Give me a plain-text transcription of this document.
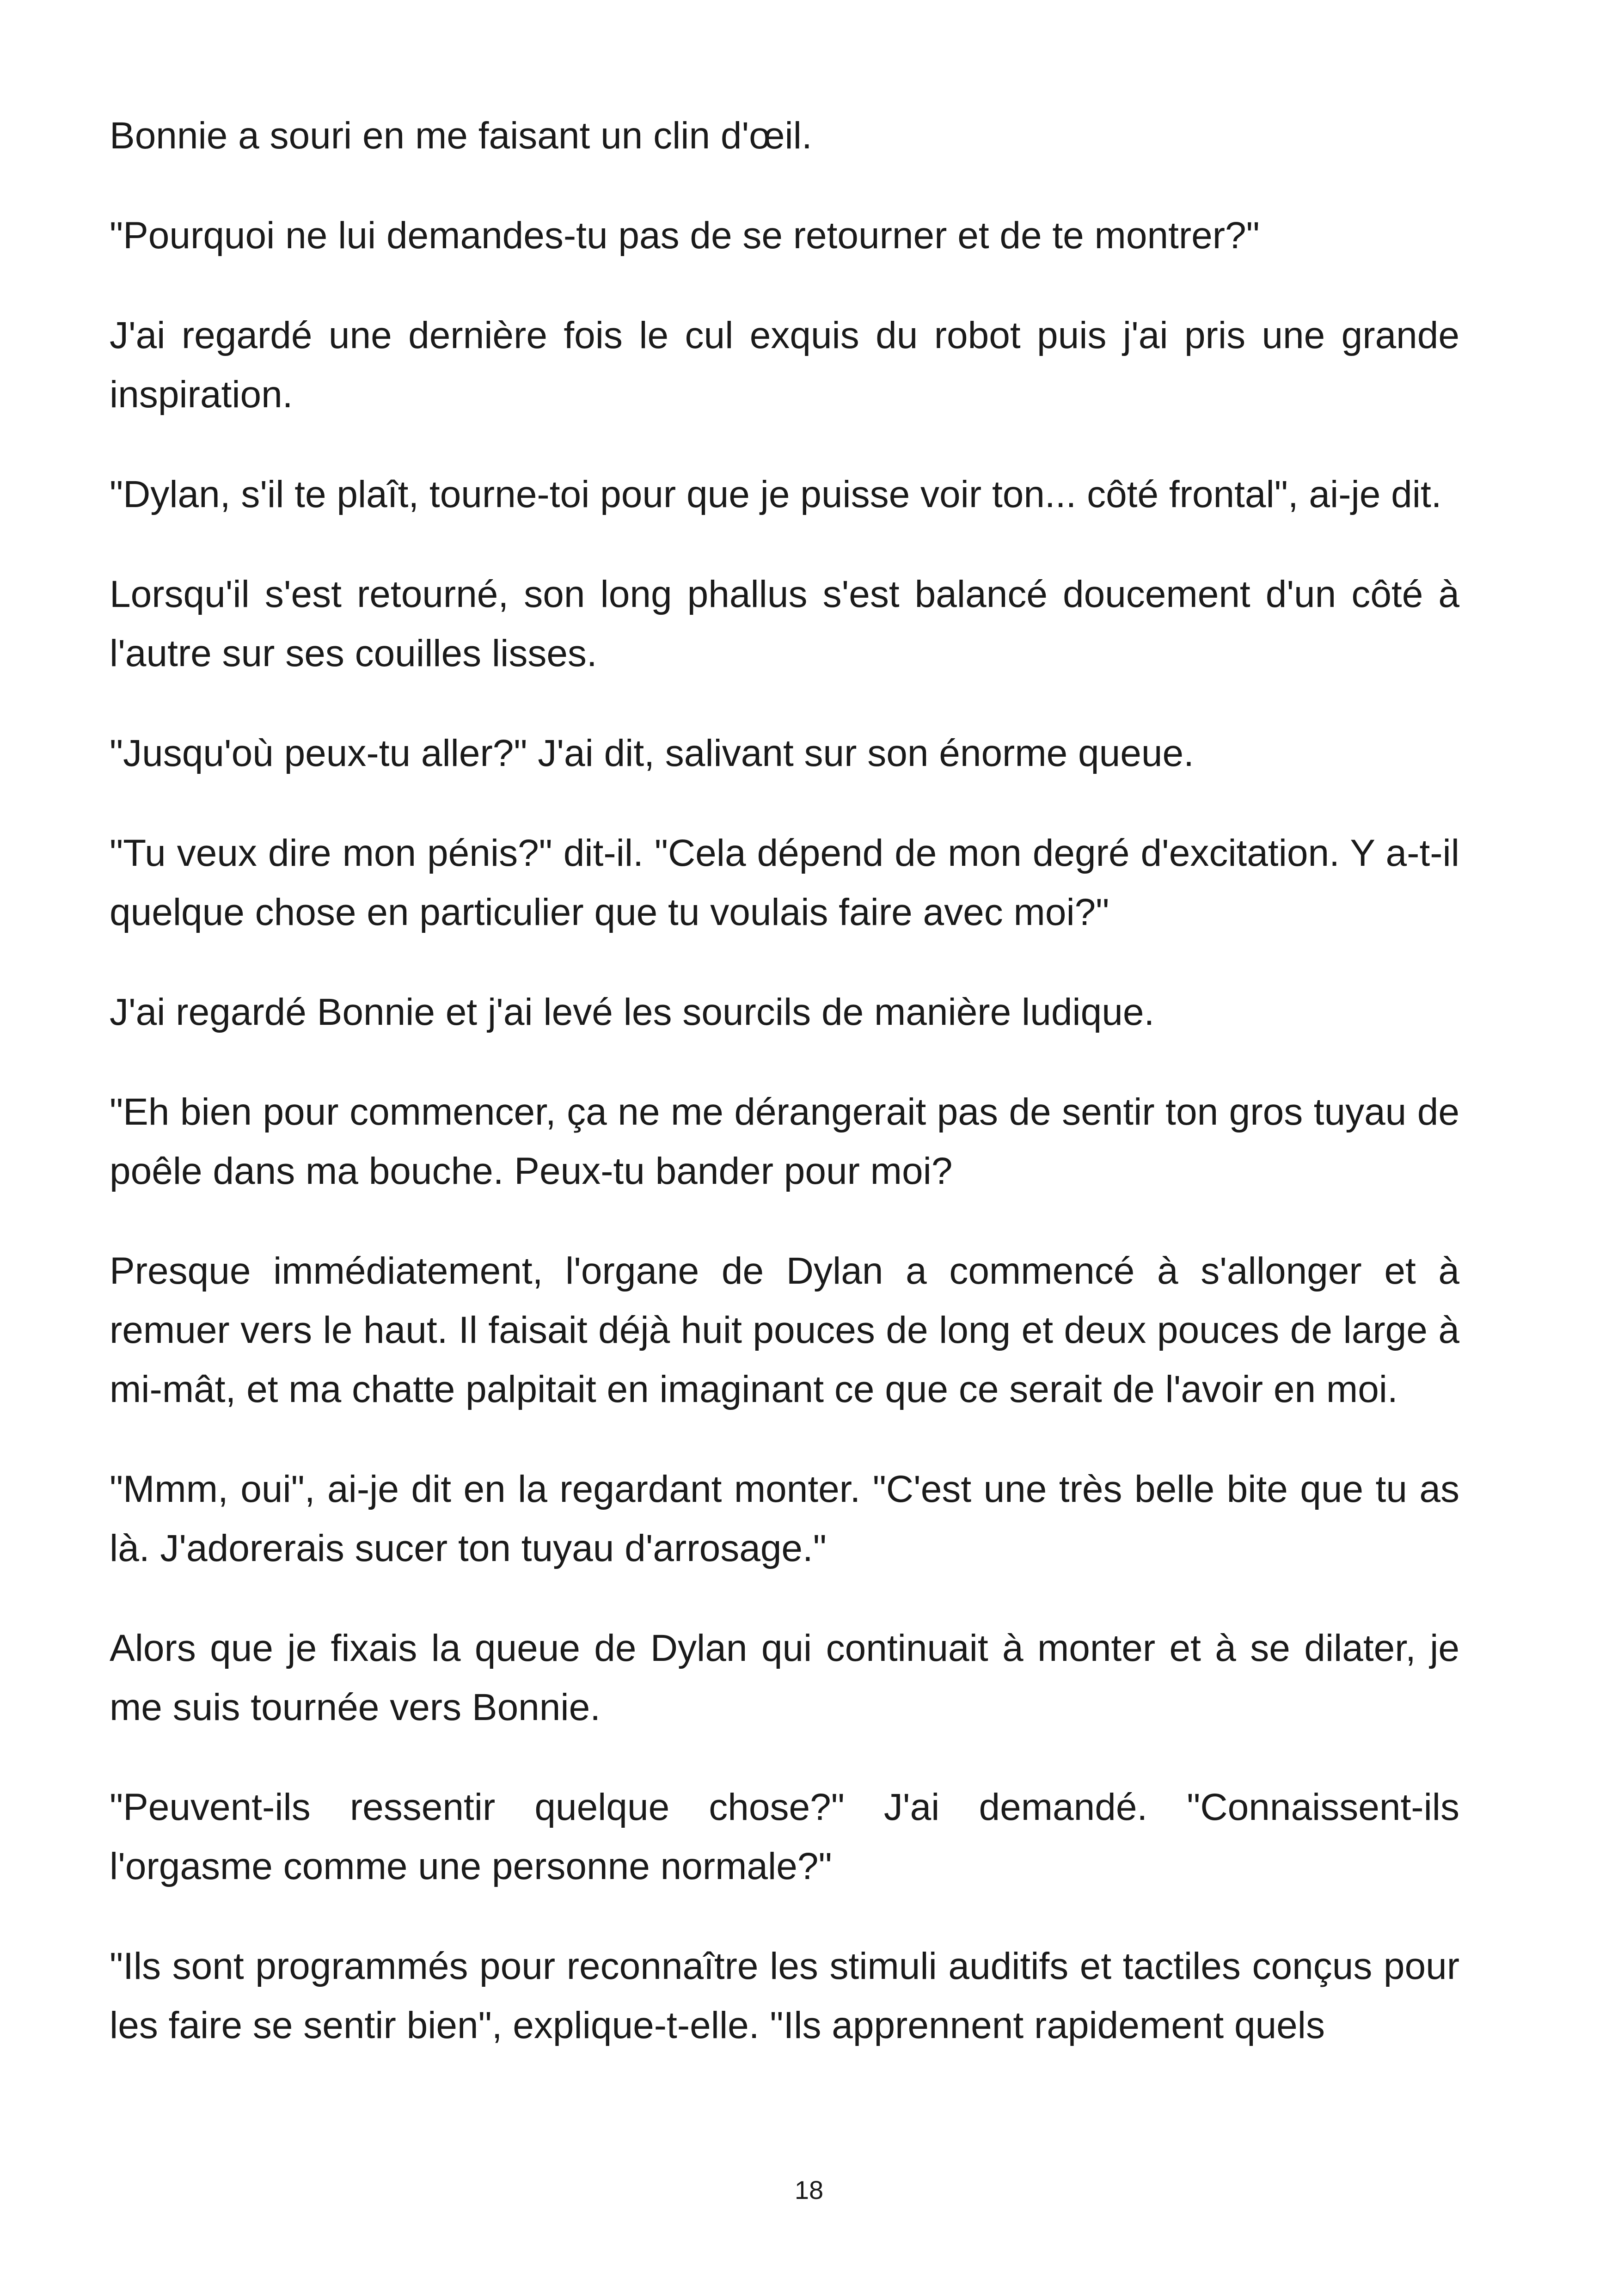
Bonnie a souri en me faisant un clin d'œil.

"Pourquoi ne lui demandes-tu pas de se retourner et de te montrer?"

J'ai regardé une dernière fois le cul exquis du robot puis j'ai pris une grande inspiration.

"Dylan, s'il te plaît, tourne-toi pour que je puisse voir ton... côté frontal", ai-je dit.

Lorsqu'il s'est retourné, son long phallus s'est balancé doucement d'un côté à l'autre sur ses couilles lisses.

"Jusqu'où peux-tu aller?" J'ai dit, salivant sur son énorme queue.

"Tu veux dire mon pénis?" dit-il. "Cela dépend de mon degré d'excitation. Y a-t-il quelque chose en particulier que tu voulais faire avec moi?"

J'ai regardé Bonnie et j'ai levé les sourcils de manière ludique.

"Eh bien pour commencer, ça ne me dérangerait pas de sentir ton gros tuyau de poêle dans ma bouche. Peux-tu bander pour moi?

Presque immédiatement, l'organe de Dylan a commencé à s'allonger et à remuer vers le haut. Il faisait déjà huit pouces de long et deux pouces de large à mi-mât, et ma chatte palpitait en imaginant ce que ce serait de l'avoir en moi.

"Mmm, oui", ai-je dit en la regardant monter. "C'est une très belle bite que tu as là. J'adorerais sucer ton tuyau d'arrosage."

Alors que je fixais la queue de Dylan qui continuait à monter et à se dilater, je me suis tournée vers Bonnie.

"Peuvent-ils ressentir quelque chose?" J'ai demandé. "Connaissent-ils l'orgasme comme une personne normale?"

"Ils sont programmés pour reconnaître les stimuli auditifs et tactiles conçus pour les faire se sentir bien", explique-t-elle. "Ils apprennent rapidement quels

18
